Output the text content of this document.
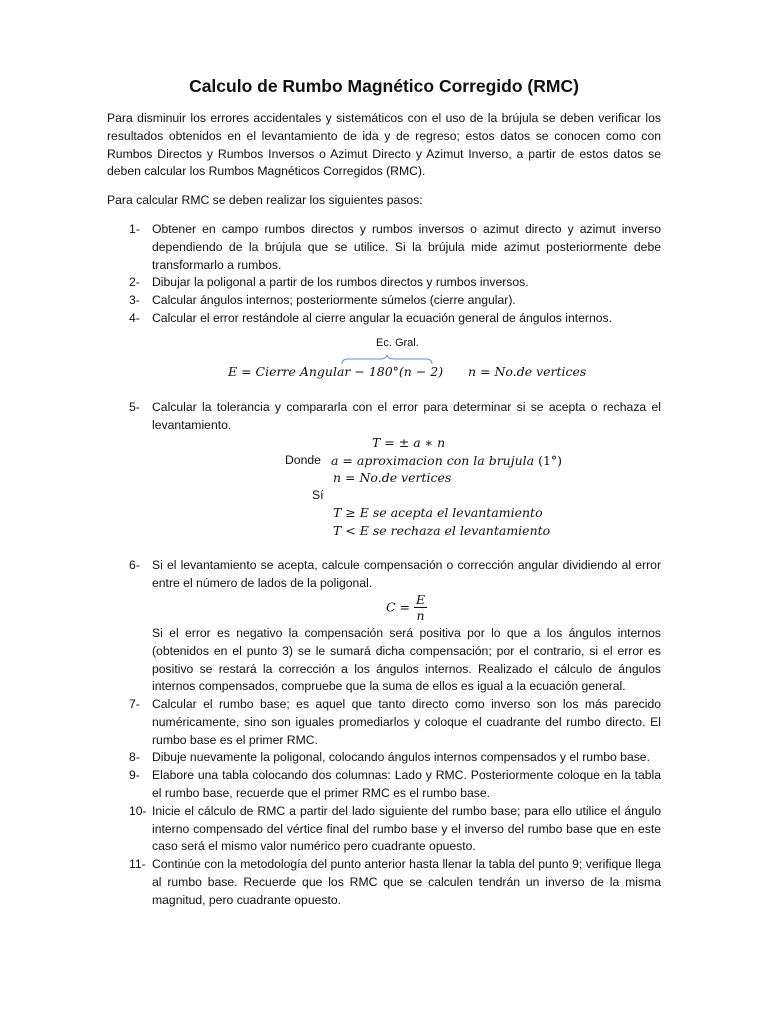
Calculo de Rumbo Magnético Corregido (RMC)
Para disminuir los errores accidentales y sistemáticos con el uso de la brújula se deben verificar los resultados obtenidos en el levantamiento de ida y de regreso; estos datos se conocen como con Rumbos Directos y Rumbos Inversos o Azimut Directo y Azimut Inverso, a partir de estos datos se deben calcular los Rumbos Magnéticos Corregidos (RMC).
Para calcular RMC se deben realizar los siguientes pasos:
1- Obtener en campo rumbos directos y rumbos inversos o azimut directo y azimut inverso dependiendo de la brújula que se utilice. Si la brújula mide azimut posteriormente debe transformarlo a rumbos.
2- Dibujar la poligonal a partir de los rumbos directos y rumbos inversos.
3- Calcular ángulos internos; posteriormente súmelos (cierre angular).
4- Calcular el error restándole al cierre angular la ecuación general de ángulos internos.
Ec. Gral.
E = Cierre Angular − 180°(n − 2) n = No.de vertices
5- Calcular la tolerancia y compararla con el error para determinar si se acepta o rechaza el levantamiento.
T = ± a ∗ n
Donde a = aproximacion con la brujula (1°)
n = No.de vertices
Sí
T ≥ E se acepta el levantamiento
T < E se rechaza el levantamiento
6- Si el levantamiento se acepta, calcule compensación o corrección angular dividiendo al error entre el número de lados de la poligonal.
$C = \frac{E}{n}$
Si el error es negativo la compensación será positiva por lo que a los ángulos internos (obtenidos en el punto 3) se le sumará dicha compensación; por el contrario, si el error es positivo se restará la corrección a los ángulos internos. Realizado el cálculo de ángulos internos compensados, compruebe que la suma de ellos es igual a la ecuación general.
7- Calcular el rumbo base; es aquel que tanto directo como inverso son los más parecido numéricamente, sino son iguales promediarlos y coloque el cuadrante del rumbo directo. El rumbo base es el primer RMC.
8- Dibuje nuevamente la poligonal, colocando ángulos internos compensados y el rumbo base.
9- Elabore una tabla colocando dos columnas: Lado y RMC. Posteriormente coloque en la tabla el rumbo base, recuerde que el primer RMC es el rumbo base.
10- Inicie el cálculo de RMC a partir del lado siguiente del rumbo base; para ello utilice el ángulo interno compensado del vértice final del rumbo base y el inverso del rumbo base que en este caso será el mismo valor numérico pero cuadrante opuesto.
11- Continúe con la metodología del punto anterior hasta llenar la tabla del punto 9; verifique llega al rumbo base. Recuerde que los RMC que se calculen tendrán un inverso de la misma magnitud, pero cuadrante opuesto.
